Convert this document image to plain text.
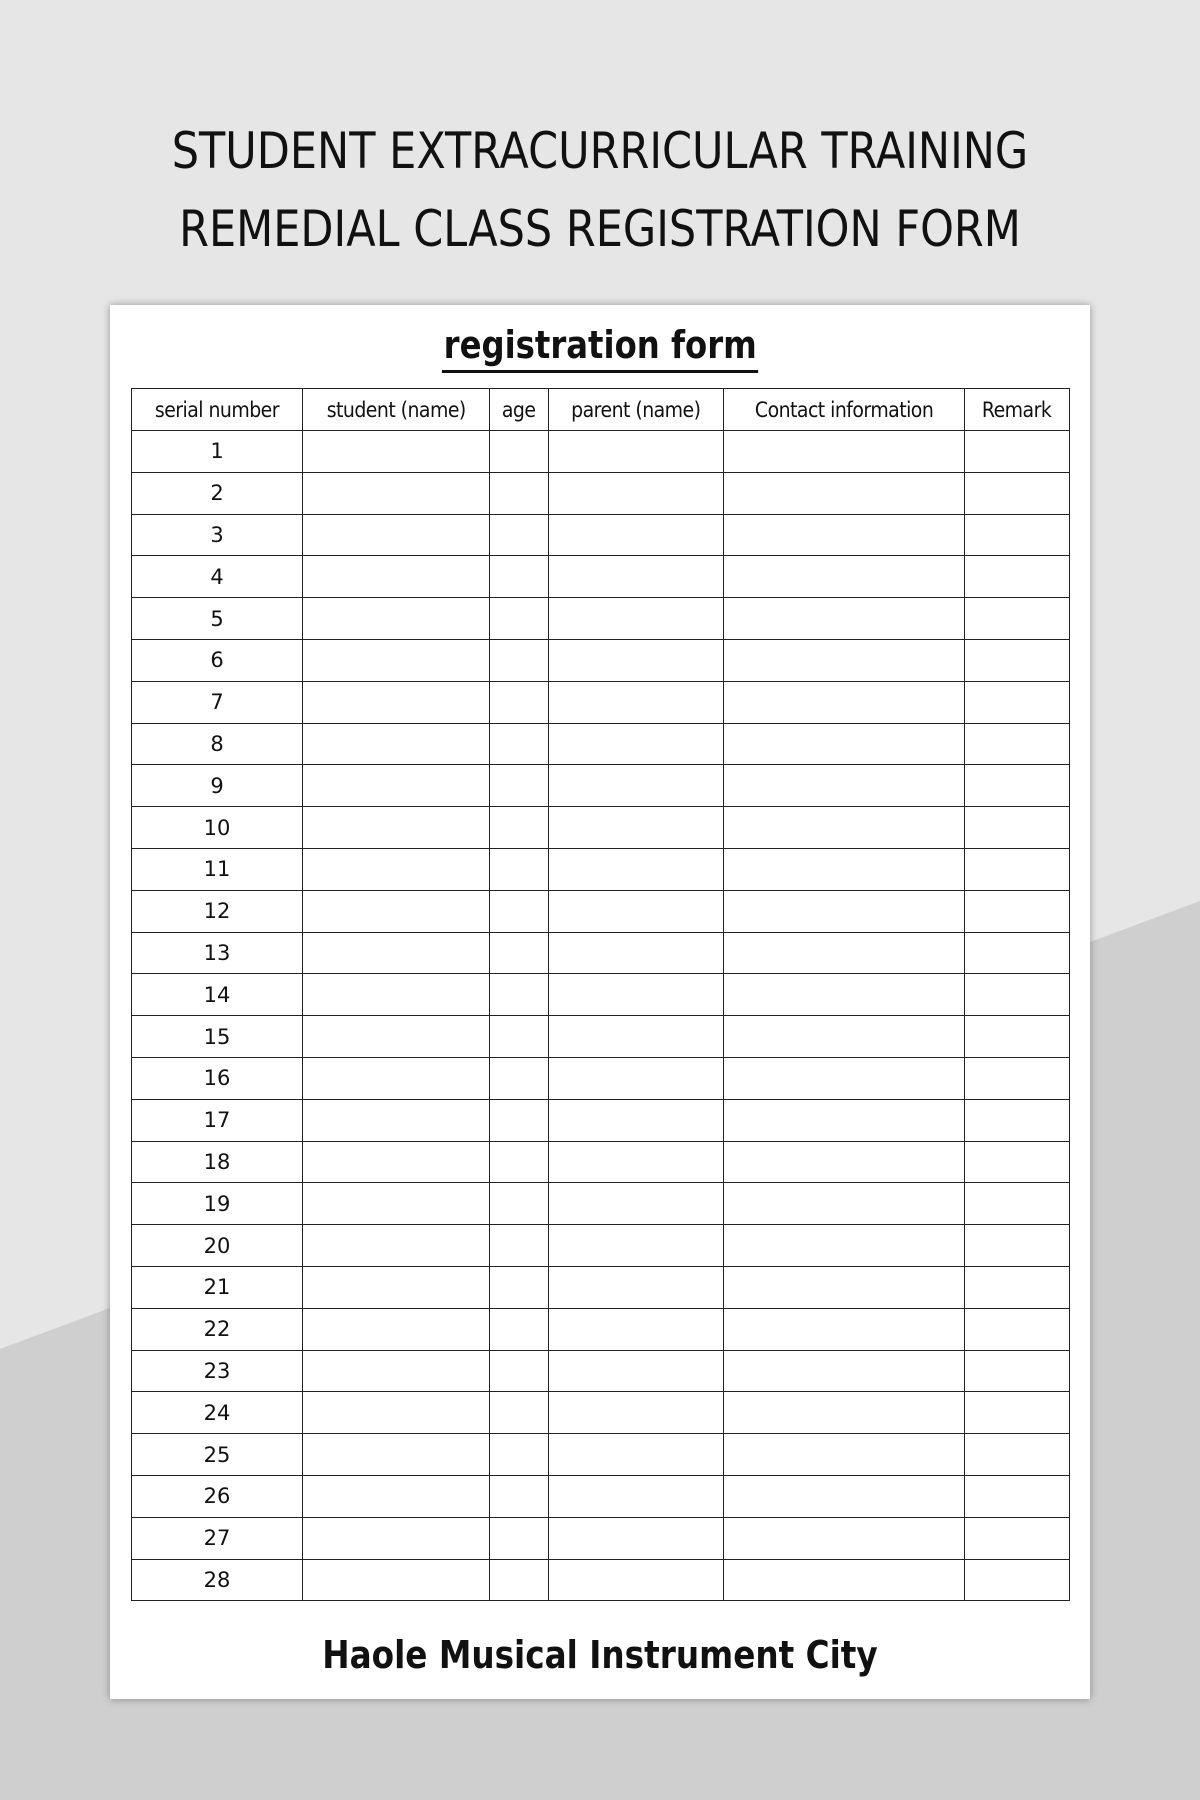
STUDENT EXTRACURRICULAR TRAINING
REMEDIAL CLASS REGISTRATION FORM
registration form
serial number	student (name)	age	parent (name)	Contact information	Remark
1					
2					
3					
4					
5					
6					
7					
8					
9					
10					
11					
12					
13					
14					
15					
16					
17					
18					
19					
20					
21					
22					
23					
24					
25					
26					
27					
28					
Haole Musical Instrument City
